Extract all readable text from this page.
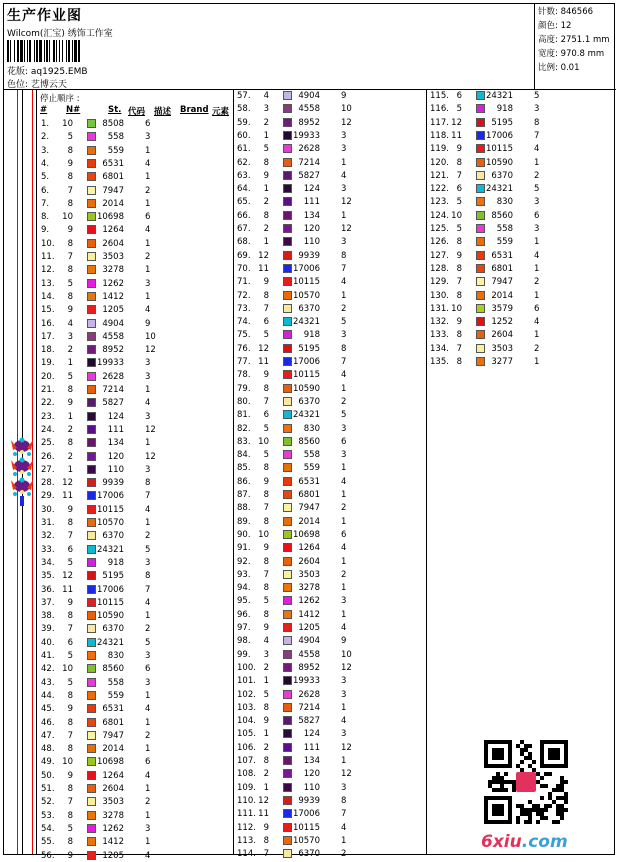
生产作业图
Wilcom(汇宝) 绣饰工作室
花版: aq1925.EMB
色位: 艺博云天
针数: 846566
颜色: 12
高度: 2751.1 mm
宽度: 970.8 mm
比例: 0.01
停止顺序 :
# N#	St. 代码 描述 Brand 元素
1. 10	8508 6
2. 5	558 3
3. 8	559 1
4. 9	6531 4
5. 8	6801 1
6. 7	7947 2
7. 8	2014 1
8. 10	10698 6
9. 9	1264 4
10. 8	2604 1
11. 7	3503 2
12. 8	3278 1
13. 5	1262 3
14. 8	1412 1
15. 9	1205 4
16. 4	4904 9
17. 3	4558 10
18. 2	8952 12
19. 1	19933 3
20. 5	2628 3
21. 8	7214 1
22. 9	5827 4
23. 1	124 3
24. 2	111 12
25. 8	134 1
26. 2	120 12
27. 1	110 3
28. 12	9939 8
29. 11	17006 7
30. 9	10115 4
31. 8	10570 1
32. 7	6370 2
33. 6	24321 5
34. 5	918 3
35. 12	5195 8
36. 11	17006 7
37. 9	10115 4
38. 8	10590 1
39. 7	6370 2
40. 6	24321 5
41. 5	830 3
42. 10	8560 6
43. 5	558 3
44. 8	559 1
45. 9	6531 4
46. 8	6801 1
47. 7	7947 2
48. 8	2014 1
49. 10	10698 6
50. 9	1264 4
51. 8	2604 1
52. 7	3503 2
53. 8	3278 1
54. 5	1262 3
55. 8	1412 1
56. 9	1205 4
57. 4	4904 9
58. 3	4558 10
59. 2	8952 12
60. 1	19933 3
61. 5	2628 3
62. 8	7214 1
63. 9	5827 4
64. 1	124 3
65. 2	111 12
66. 8	134 1
67. 2	120 12
68. 1	110 3
69. 12	9939 8
70. 11	17006 7
71. 9	10115 4
72. 8	10570 1
73. 7	6370 2
74. 6	24321 5
75. 5	918 3
76. 12	5195 8
77. 11	17006 7
78. 9	10115 4
79. 8	10590 1
80. 7	6370 2
81. 6	24321 5
82. 5	830 3
83. 10	8560 6
84. 5	558 3
85. 8	559 1
86. 9	6531 4
87. 8	6801 1
88. 7	7947 2
89. 8	2014 1
90. 10	10698 6
91. 9	1264 4
92. 8	2604 1
93. 7	3503 2
94. 8	3278 1
95. 5	1262 3
96. 8	1412 1
97. 9	1205 4
98. 4	4904 9
99. 3	4558 10
100. 2	8952 12
101. 1	19933 3
102. 5	2628 3
103. 8	7214 1
104. 9	5827 4
105. 1	124 3
106. 2	111 12
107. 8	134 1
108. 2	120 12
109. 1	110 3
110. 12	9939 8
111. 11	17006 7
112. 9	10115 4
113. 8	10570 1
114. 7	6370 2
115. 6	24321 5
116. 5	918 3
117. 12	5195 8
118. 11	17006 7
119. 9	10115 4
120. 8	10590 1
121. 7	6370 2
122. 6	24321 5
123. 5	830 3
124. 10	8560 6
125. 5	558 3
126. 8	559 1
127. 9	6531 4
128. 8	6801 1
129. 7	7947 2
130. 8	2014 1
131. 10	3579 6
132. 9	1252 4
133. 8	2604 1
134. 7	3503 2
135. 8	3277 1
6xiu.com
